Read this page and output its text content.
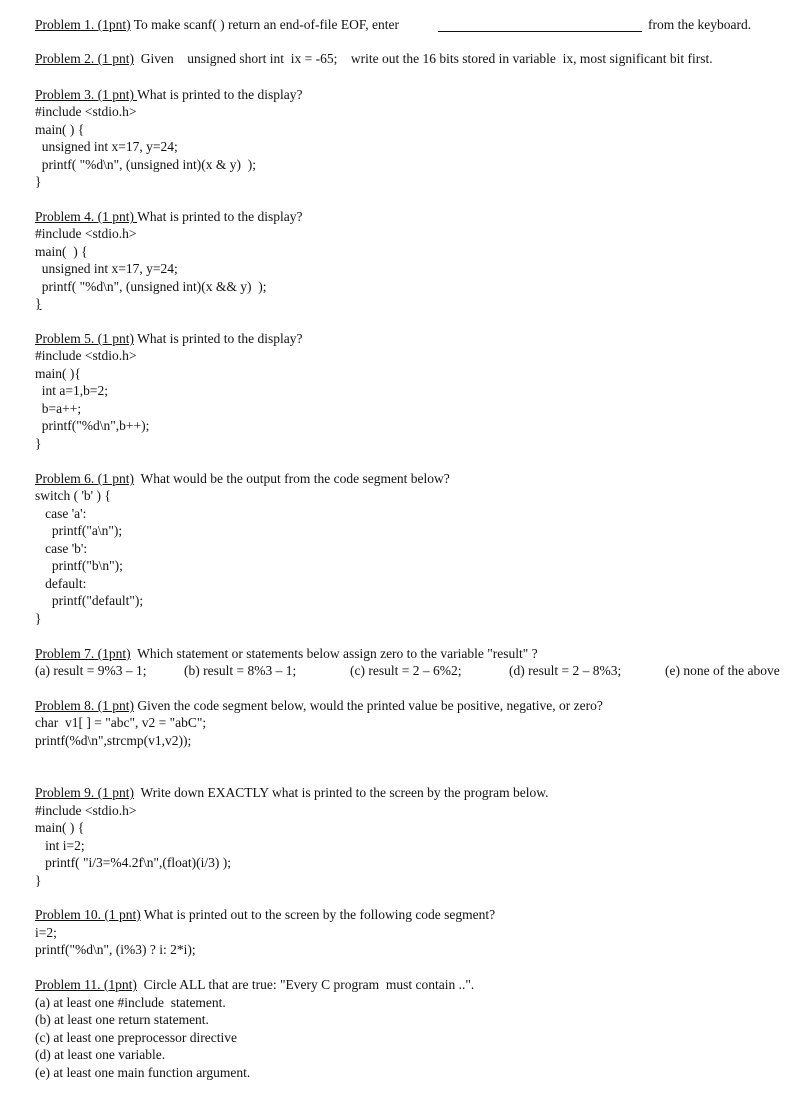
Problem 1. (1pnt) To make scanf( ) return an end-of-file EOF, enter	from the keyboard.
Problem 2. (1 pnt)  Given    unsigned short int  ix = -65;    write out the 16 bits stored in variable  ix, most significant bit first.
Problem 3. (1 pnt) What is printed to the display?
#include <stdio.h>
main( ) {
unsigned int x=17, y=24;
printf( "%d\n", (unsigned int)(x & y)  );
}
Problem 4. (1 pnt) What is printed to the display?
#include <stdio.h>
main(  ) {
unsigned int x=17, y=24;
printf( "%d\n", (unsigned int)(x && y)  );
}
Problem 5. (1 pnt) What is printed to the display?
#include <stdio.h>
main( ){
int a=1,b=2;
b=a++;
printf("%d\n",b++);
}
Problem 6. (1 pnt)  What would be the output from the code segment below?
switch ( 'b' ) {
case 'a':
printf("a\n");
case 'b':
printf("b\n");
default:
printf("default");
}
Problem 7. (1pnt)  Which statement or statements below assign zero to the variable "result" ?
(a) result = 9%3 – 1;	(b) result = 8%3 – 1;	(c) result = 2 – 6%2;	(d) result = 2 – 8%3;	(e) none of the above
Problem 8. (1 pnt) Given the code segment below, would the printed value be positive, negative, or zero?
char  v1[ ] = "abc", v2 = "abC";
printf(%d\n",strcmp(v1,v2));
Problem 9. (1 pnt)  Write down EXACTLY what is printed to the screen by the program below.
#include <stdio.h>
main( ) {
int i=2;
printf( "i/3=%4.2f\n",(float)(i/3) );
}
Problem 10. (1 pnt) What is printed out to the screen by the following code segment?
i=2;
printf("%d\n", (i%3) ? i: 2*i);
Problem 11. (1pnt)  Circle ALL that are true: "Every C program  must contain ..".
(a) at least one #include  statement.
(b) at least one return statement.
(c) at least one preprocessor directive
(d) at least one variable.
(e) at least one main function argument.
